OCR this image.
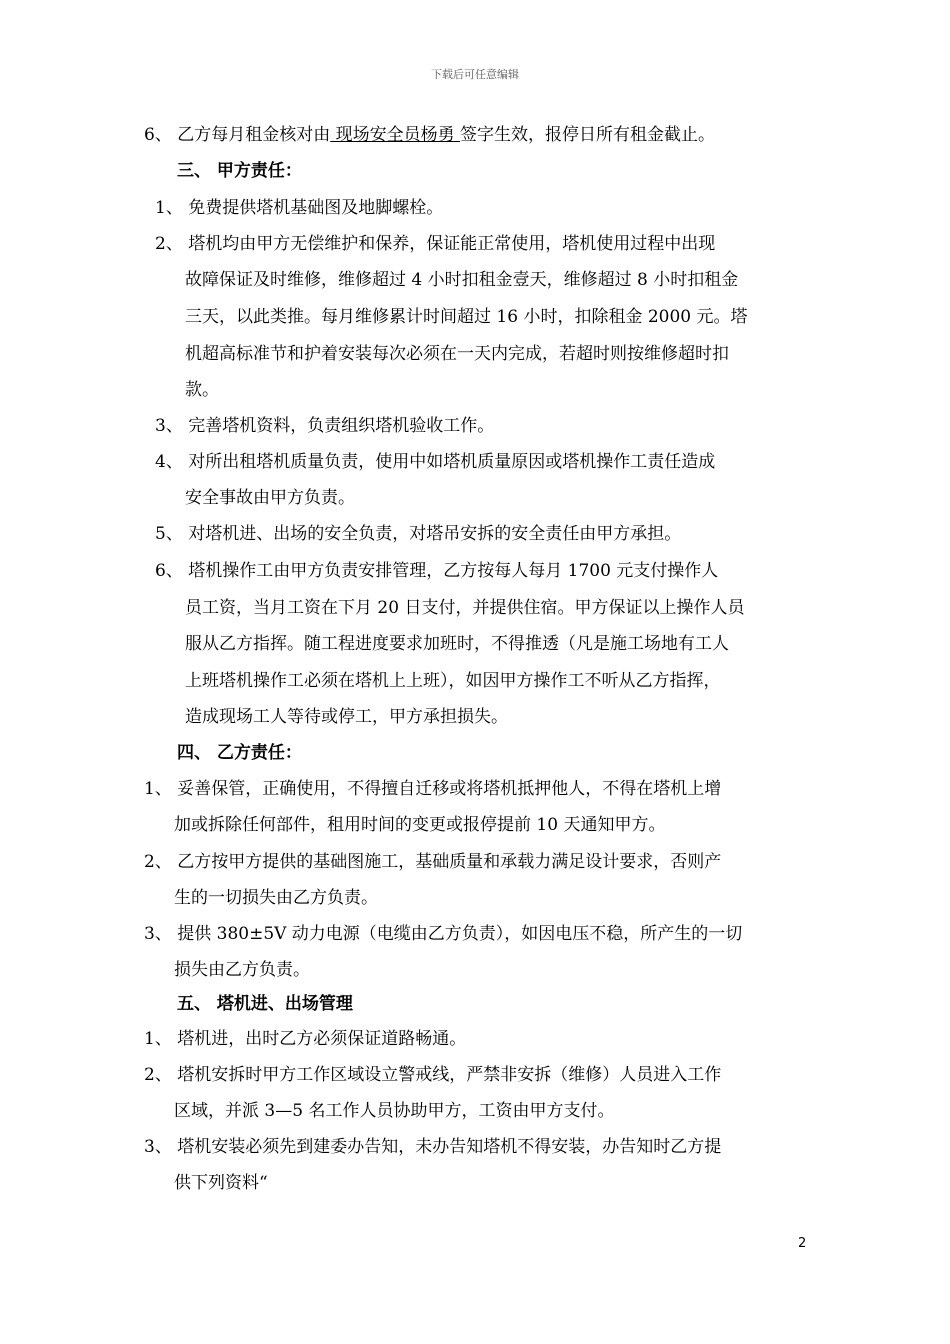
下载后可任意编辑
6、 乙方每月租金核对由 现场安全员杨勇 签字生效，报停日所有租金截止。
三、 甲方责任：
1、 免费提供塔机基础图及地脚螺栓。
2、 塔机均由甲方无偿维护和保养，保证能正常使用，塔机使用过程中出现
故障保证及时维修，维修超过 4 小时扣租金壹天，维修超过 8 小时扣租金
三天，以此类推。每月维修累计时间超过 16 小时，扣除租金 2000 元。塔
机超高标准节和护着安装每次必须在一天内完成，若超时则按维修超时扣
款。
3、 完善塔机资料，负责组织塔机验收工作。
4、 对所出租塔机质量负责，使用中如塔机质量原因或塔机操作工责任造成
安全事故由甲方负责。
5、 对塔机进、出场的安全负责，对塔吊安拆的安全责任由甲方承担。
6、 塔机操作工由甲方负责安排管理，乙方按每人每月 1700 元支付操作人
员工资，当月工资在下月 20 日支付，并提供住宿。甲方保证以上操作人员
服从乙方指挥。随工程进度要求加班时，不得推透（凡是施工场地有工人
上班塔机操作工必须在塔机上上班），如因甲方操作工不听从乙方指挥，
造成现场工人等待或停工，甲方承担损失。
四、 乙方责任：
1、 妥善保管，正确使用，不得擅自迁移或将塔机抵押他人，不得在塔机上增
加或拆除任何部件，租用时间的变更或报停提前 10 天通知甲方。
2、 乙方按甲方提供的基础图施工，基础质量和承载力满足设计要求，否则产
生的一切损失由乙方负责。
3、 提供 380±5V 动力电源（电缆由乙方负责），如因电压不稳，所产生的一切
损失由乙方负责。
五、 塔机进、出场管理
1、 塔机进，出时乙方必须保证道路畅通。
2、 塔机安拆时甲方工作区域设立警戒线，严禁非安拆（维修）人员进入工作
区域，并派 3—5 名工作人员协助甲方，工资由甲方支付。
3、 塔机安装必须先到建委办告知，未办告知塔机不得安装，办告知时乙方提
供下列资料“
2
